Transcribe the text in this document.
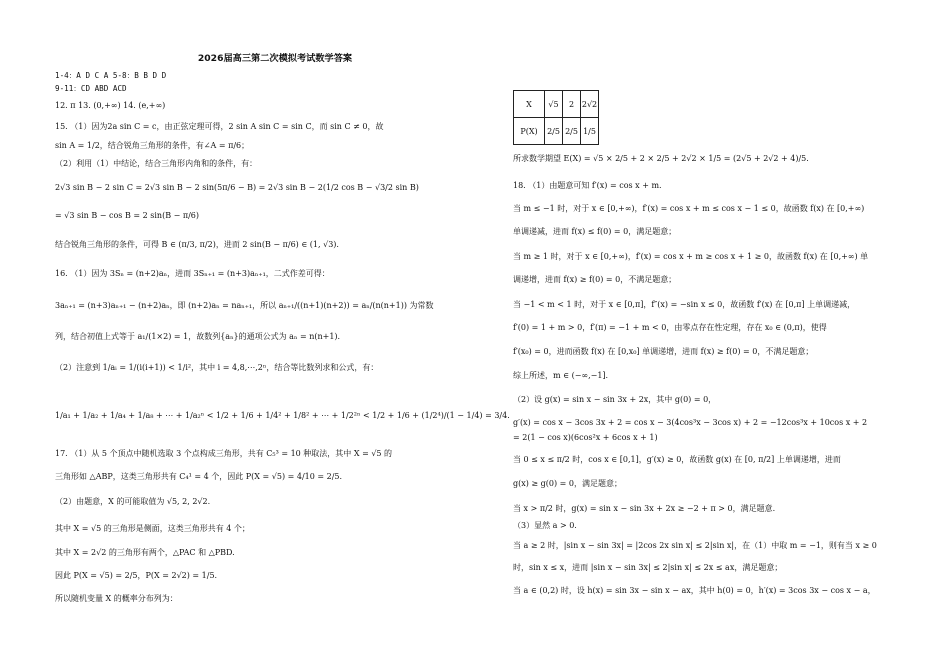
2026届高三第二次模拟考试数学答案
1-4：A D C A 5-8：B B D D
9-11：CD ABD ACD
12. π 13. (0,+∞) 14. (e,+∞)
15. （1）因为2a sin C = c，由正弦定理可得，2 sin A sin C = sin C，而 sin C ≠ 0，故
sin A = 1/2，结合锐角三角形的条件，有∠A = π/6；
（2）利用（1）中结论，结合三角形内角和的条件，有：
2√3 sin B − 2 sin C = 2√3 sin B − 2 sin(5π/6 − B) = 2√3 sin B − 2(1/2 cos B − √3/2 sin B)
= √3 sin B − cos B = 2 sin(B − π/6)
结合锐角三角形的条件，可得 B ∈ (π/3, π/2)，进而 2 sin(B − π/6) ∈ (1, √3).
16. （1）因为 3Sₙ = (n+2)aₙ，进而 3Sₙ₊₁ = (n+3)aₙ₊₁，二式作差可得：
3aₙ₊₁ = (n+3)aₙ₊₁ − (n+2)aₙ，即 (n+2)aₙ = naₙ₊₁，所以 aₙ₊₁/((n+1)(n+2)) = aₙ/(n(n+1)) 为常数
列，结合初值上式等于 a₁/(1×2) = 1，故数列{aₙ}的通项公式为 aₙ = n(n+1).
（2）注意到 1/aᵢ = 1/(i(i+1)) < 1/i²，其中 i = 4,8,⋯,2ⁿ，结合等比数列求和公式，有：
1/a₁ + 1/a₂ + 1/a₄ + 1/a₈ + ⋯ + 1/a₂ⁿ < 1/2 + 1/6 + 1/4² + 1/8² + ⋯ + 1/2²ⁿ < 1/2 + 1/6 + (1/2⁴)/(1 − 1/4) = 3/4.
17. （1）从 5 个顶点中随机选取 3 个点构成三角形，共有 C₅³ = 10 种取法，其中 X = √5 的
三角形如 △ABP，这类三角形共有 C₄¹ = 4 个，因此 P(X = √5) = 4/10 = 2/5.
（2）由题意，X 的可能取值为 √5, 2, 2√2.
其中 X = √5 的三角形是侧面，这类三角形共有 4 个；
其中 X = 2√2 的三角形有两个，△PAC 和 △PBD.
因此 P(X = √5) = 2/5，P(X = 2√2) = 1/5.
所以随机变量 X 的概率分布列为：
X	√5	2	2√2
P(X)	2/5	2/5	1/5
所求数学期望 E(X) = √5 × 2/5 + 2 × 2/5 + 2√2 × 1/5 = (2√5 + 2√2 + 4)/5.
18. （1）由题意可知 f′(x) = cos x + m.
当 m ≤ −1 时，对于 x ∈ [0,+∞)，f′(x) = cos x + m ≤ cos x − 1 ≤ 0，故函数 f(x) 在 [0,+∞)
单调递减，进而 f(x) ≤ f(0) = 0，满足题意；
当 m ≥ 1 时，对于 x ∈ [0,+∞)，f′(x) = cos x + m ≥ cos x + 1 ≥ 0，故函数 f(x) 在 [0,+∞) 单
调递增，进而 f(x) ≥ f(0) = 0，不满足题意；
当 −1 < m < 1 时，对于 x ∈ [0,π]，f″(x) = −sin x ≤ 0，故函数 f′(x) 在 [0,π] 上单调递减，
f′(0) = 1 + m > 0，f′(π) = −1 + m < 0，由零点存在性定理，存在 x₀ ∈ (0,π)，使得
f′(x₀) = 0，进而函数 f(x) 在 [0,x₀] 单调递增，进而 f(x) ≥ f(0) = 0，不满足题意；
综上所述，m ∈ (−∞,−1].
（2）设 g(x) = sin x − sin 3x + 2x，其中 g(0) = 0，
g′(x) = cos x − 3cos 3x + 2 = cos x − 3(4cos³x − 3cos x) + 2 = −12cos³x + 10cos x + 2
= 2(1 − cos x)(6cos²x + 6cos x + 1)
当 0 ≤ x ≤ π/2 时，cos x ∈ [0,1]，g′(x) ≥ 0，故函数 g(x) 在 [0, π/2] 上单调递增，进而
g(x) ≥ g(0) = 0，满足题意；
当 x > π/2 时，g(x) = sin x − sin 3x + 2x ≥ −2 + π > 0，满足题意.
（3）显然 a > 0.
当 a ≥ 2 时，|sin x − sin 3x| = |2cos 2x sin x| ≤ 2|sin x|，在（1）中取 m = −1，则有当 x ≥ 0
时，sin x ≤ x，进而 |sin x − sin 3x| ≤ 2|sin x| ≤ 2x ≤ ax，满足题意；
当 a ∈ (0,2) 时，设 h(x) = sin 3x − sin x − ax，其中 h(0) = 0，h′(x) = 3cos 3x − cos x − a，
